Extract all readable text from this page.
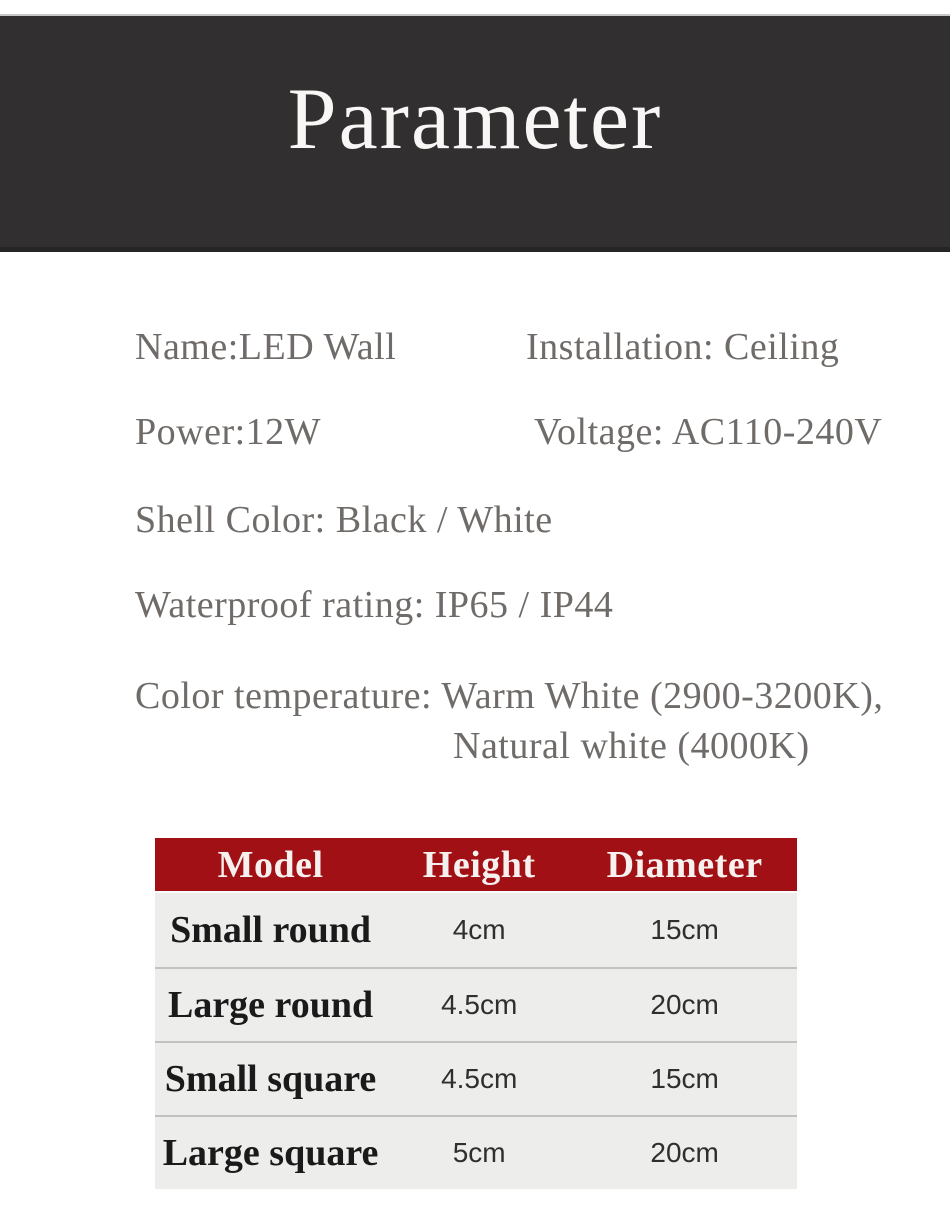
Parameter
Name:LED Wall	Installation: Ceiling
Power:12W	Voltage: AC110-240V
Shell Color: Black / White
Waterproof rating: IP65 / IP44
Color temperature: Warm White (2900-3200K),
Natural white (4000K)
Model	Height	Diameter
Small round	4cm	15cm
Large round	4.5cm	20cm
Small square	4.5cm	15cm
Large square	5cm	20cm
